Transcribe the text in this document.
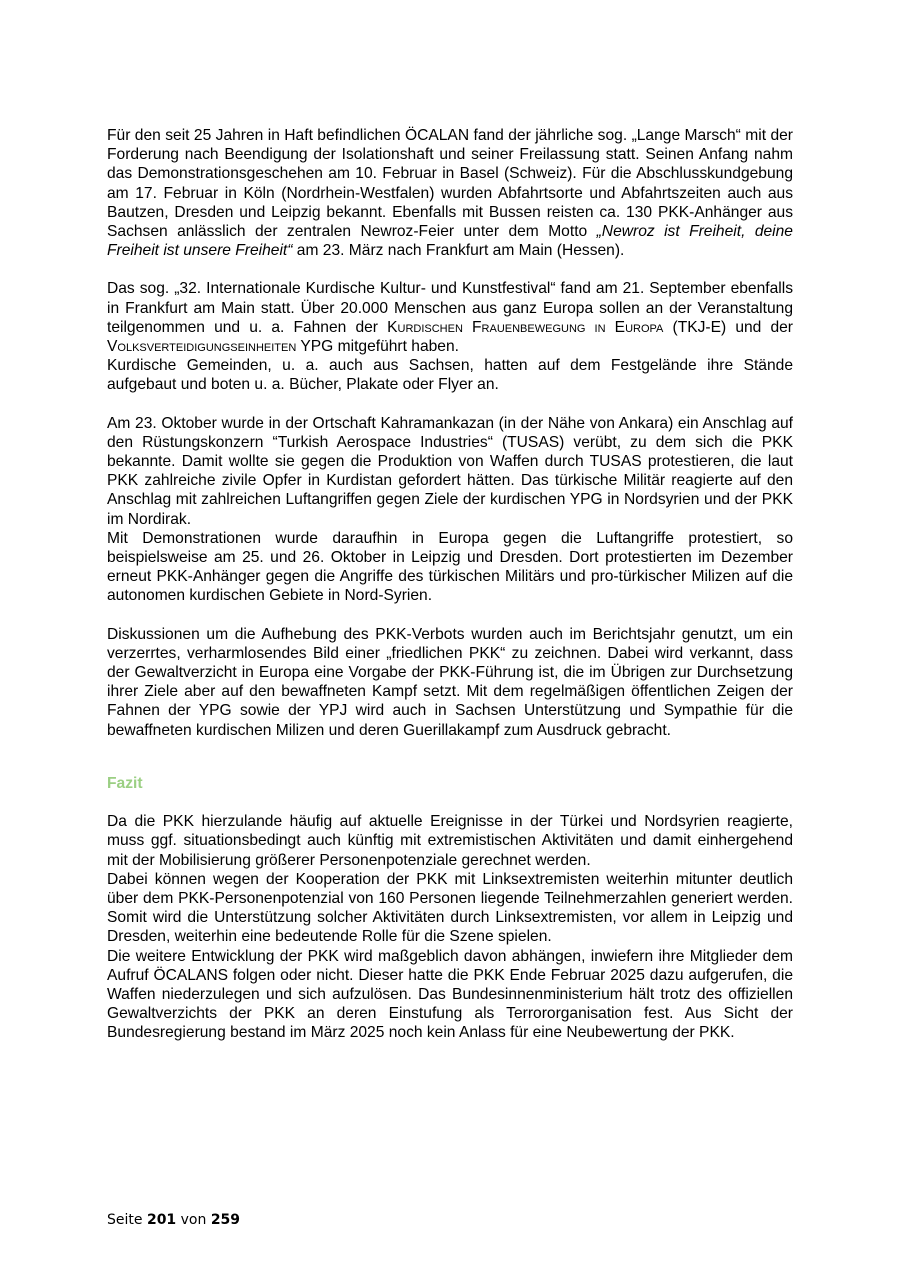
Für den seit 25 Jahren in Haft befindlichen ÖCALAN fand der jährliche sog. „Lange Marsch“ mit der Forderung nach Beendigung der Isolationshaft und seiner Freilassung statt. Seinen Anfang nahm das Demonstrationsgeschehen am 10. Februar in Basel (Schweiz). Für die Abschlusskundgebung am 17. Februar in Köln (Nordrhein-Westfalen) wurden Abfahrtsorte und Abfahrtszeiten auch aus Bautzen, Dresden und Leipzig bekannt. Ebenfalls mit Bussen reisten ca. 130 PKK-Anhänger aus Sachsen anlässlich der zentralen Newroz-Feier unter dem Motto „Newroz ist Freiheit, deine Freiheit ist unsere Freiheit“ am 23. März nach Frankfurt am Main (Hessen).

Das sog. „32. Internationale Kurdische Kultur- und Kunstfestival“ fand am 21. September ebenfalls in Frankfurt am Main statt. Über 20.000 Menschen aus ganz Europa sollen an der Veranstaltung teilgenommen und u. a. Fahnen der Kurdischen Frauenbewegung in Europa (TKJ-E) und der Volksverteidigungseinheiten YPG mitgeführt haben.

Kurdische Gemeinden, u. a. auch aus Sachsen, hatten auf dem Festgelände ihre Stände aufgebaut und boten u. a. Bücher, Plakate oder Flyer an.

Am 23. Oktober wurde in der Ortschaft Kahramankazan (in der Nähe von Ankara) ein Anschlag auf den Rüstungskonzern “Turkish Aerospace Industries“ (TUSAS) verübt, zu dem sich die PKK bekannte. Damit wollte sie gegen die Produktion von Waffen durch TUSAS protestieren, die laut PKK zahlreiche zivile Opfer in Kurdistan gefordert hätten. Das türkische Militär reagierte auf den Anschlag mit zahlreichen Luftangriffen gegen Ziele der kurdischen YPG in Nordsyrien und der PKK im Nordirak.

Mit Demonstrationen wurde daraufhin in Europa gegen die Luftangriffe protestiert, so beispielsweise am 25. und 26. Oktober in Leipzig und Dresden. Dort protestierten im Dezember erneut PKK-Anhänger gegen die Angriffe des türkischen Militärs und pro-türkischer Milizen auf die autonomen kurdischen Gebiete in Nord-Syrien.

Diskussionen um die Aufhebung des PKK-Verbots wurden auch im Berichtsjahr genutzt, um ein verzerrtes, verharmlosendes Bild einer „friedlichen PKK“ zu zeichnen. Dabei wird verkannt, dass der Gewaltverzicht in Europa eine Vorgabe der PKK-Führung ist, die im Übrigen zur Durchsetzung ihrer Ziele aber auf den bewaffneten Kampf setzt. Mit dem regelmäßigen öffentlichen Zeigen der Fahnen der YPG sowie der YPJ wird auch in Sachsen Unterstützung und Sympathie für die bewaffneten kurdischen Milizen und deren Guerillakampf zum Ausdruck gebracht.

Fazit

Da die PKK hierzulande häufig auf aktuelle Ereignisse in der Türkei und Nordsyrien reagierte, muss ggf. situationsbedingt auch künftig mit extremistischen Aktivitäten und damit einhergehend mit der Mobilisierung größerer Personenpotenziale gerechnet werden.

Dabei können wegen der Kooperation der PKK mit Linksextremisten weiterhin mitunter deutlich über dem PKK-Personenpotenzial von 160 Personen liegende Teilnehmerzahlen generiert werden. Somit wird die Unterstützung solcher Aktivitäten durch Linksextremisten, vor allem in Leipzig und Dresden, weiterhin eine bedeutende Rolle für die Szene spielen.

Die weitere Entwicklung der PKK wird maßgeblich davon abhängen, inwiefern ihre Mitglieder dem Aufruf ÖCALANS folgen oder nicht. Dieser hatte die PKK Ende Februar 2025 dazu aufgerufen, die Waffen niederzulegen und sich aufzulösen. Das Bundesinnenministerium hält trotz des offiziellen Gewaltverzichts der PKK an deren Einstufung als Terrororganisation fest. Aus Sicht der Bundesregierung bestand im März 2025 noch kein Anlass für eine Neubewertung der PKK.

Seite 201 von 259
